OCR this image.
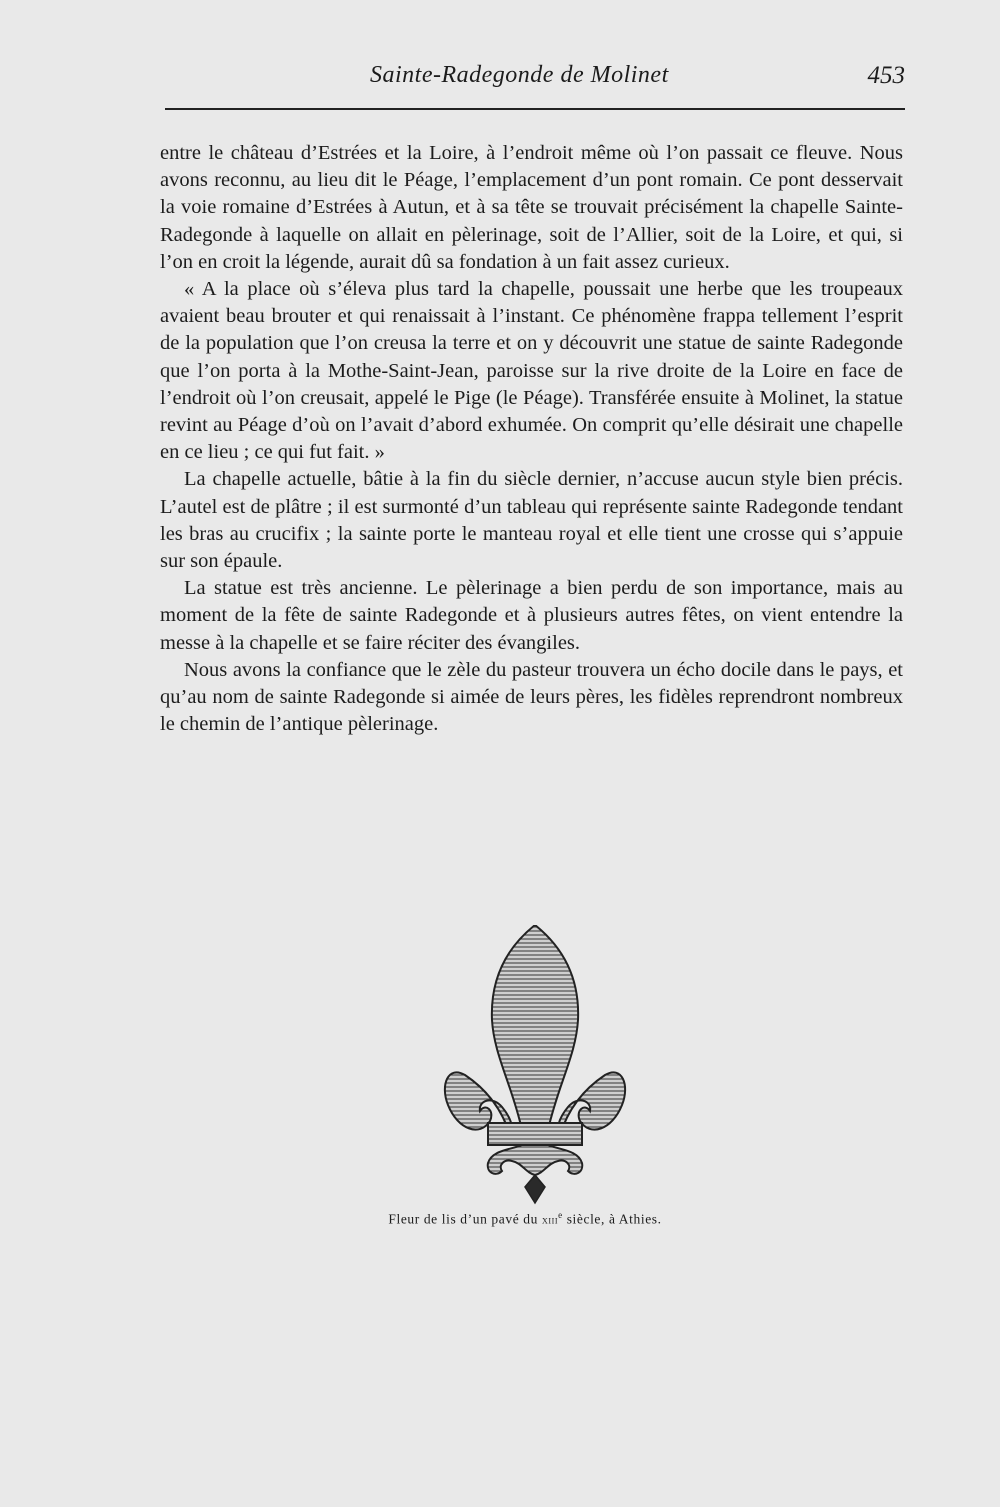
Sainte-Radegonde de Molinet	453

entre le château d’Estrées et la Loire, à l’endroit même où l’on passait ce fleuve. Nous avons reconnu, au lieu dit le Péage, l’emplacement d’un pont romain. Ce pont desservait la voie romaine d’Estrées à Autun, et à sa tête se trouvait précisément la chapelle Sainte-Radegonde à laquelle on allait en pèlerinage, soit de l’Allier, soit de la Loire, et qui, si l’on en croit la légende, aurait dû sa fondation à un fait assez curieux.

« A la place où s’éleva plus tard la chapelle, poussait une herbe que les troupeaux avaient beau brouter et qui renaissait à l’instant. Ce phénomène frappa tellement l’esprit de la population que l’on creusa la terre et on y découvrit une statue de sainte Radegonde que l’on porta à la Mothe-Saint-Jean, paroisse sur la rive droite de la Loire en face de l’endroit où l’on creusait, appelé le Pige (le Péage). Transférée ensuite à Molinet, la statue revint au Péage d’où on l’avait d’abord exhumée. On comprit qu’elle désirait une chapelle en ce lieu ; ce qui fut fait. »

La chapelle actuelle, bâtie à la fin du siècle dernier, n’accuse aucun style bien précis. L’autel est de plâtre ; il est surmonté d’un tableau qui représente sainte Radegonde tendant les bras au crucifix ; la sainte porte le manteau royal et elle tient une crosse qui s’appuie sur son épaule.

La statue est très ancienne. Le pèlerinage a bien perdu de son importance, mais au moment de la fête de sainte Radegonde et à plusieurs autres fêtes, on vient entendre la messe à la chapelle et se faire réciter des évangiles.

Nous avons la confiance que le zèle du pasteur trouvera un écho docile dans le pays, et qu’au nom de sainte Radegonde si aimée de leurs pères, les fidèles reprendront nombreux le chemin de l’antique pèlerinage.

Fleur de lis d’un pavé du xiii$^e$ siècle, à Athies.
